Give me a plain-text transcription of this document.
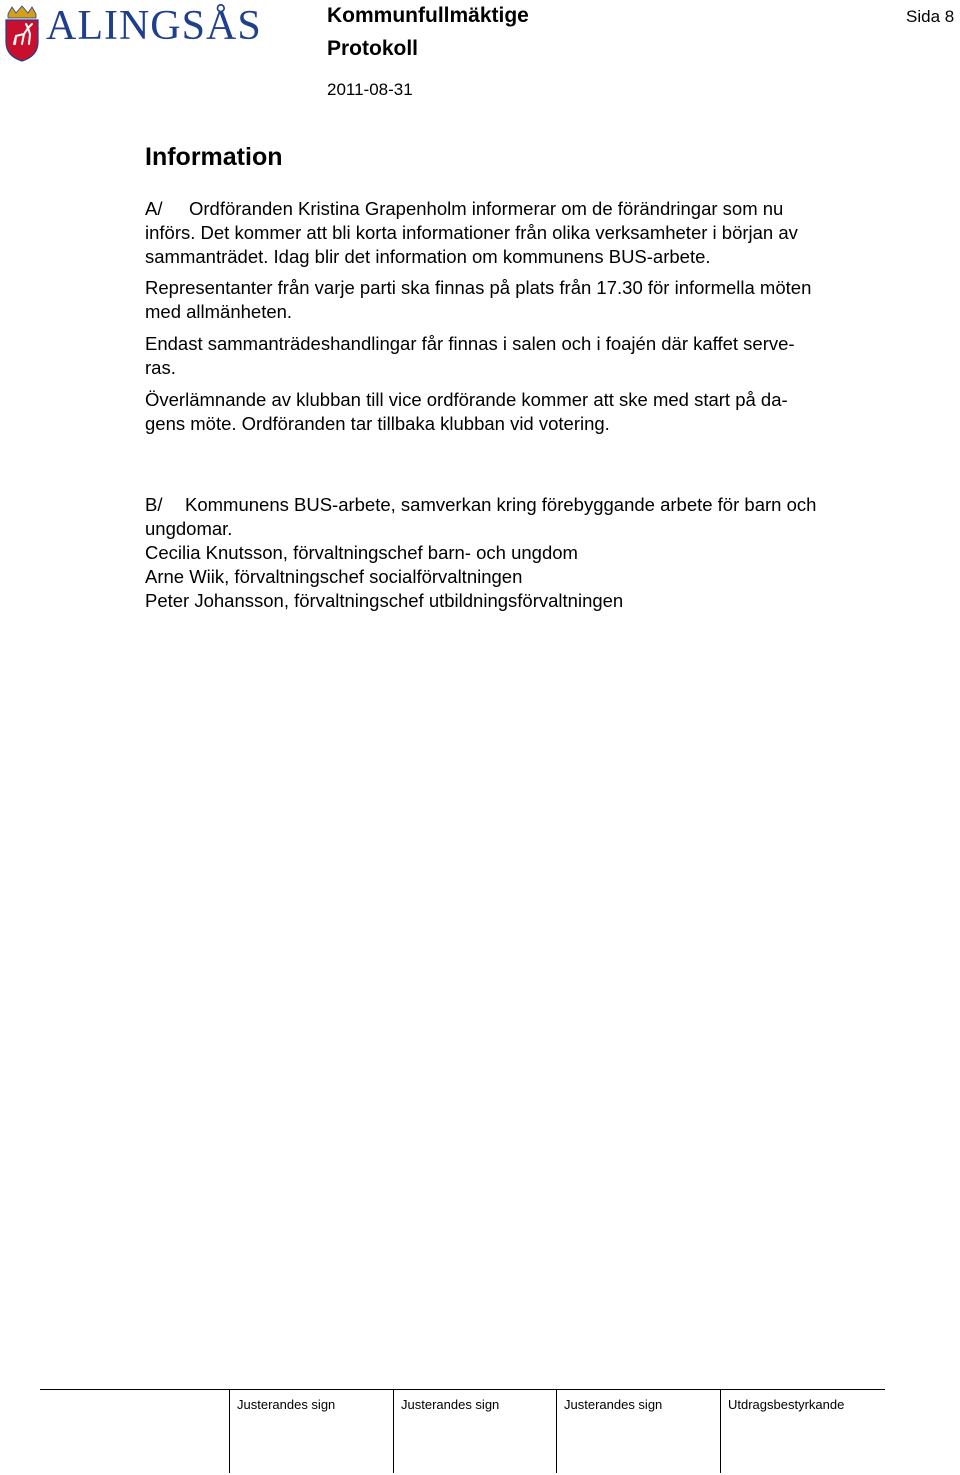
ALINGSÅS	Kommunfullmäktige
Protokoll
2011-08-31
Sida 8
Information
A/ Ordföranden Kristina Grapenholm informerar om de förändringar som nu
införs. Det kommer att bli korta informationer från olika verksamheter i början av
sammanträdet. Idag blir det information om kommunens BUS-arbete.
Representanter från varje parti ska finnas på plats från 17.30 för informella möten
med allmänheten.
Endast sammanträdeshandlingar får finnas i salen och i foajén där kaffet serve-
ras.
Överlämnande av klubban till vice ordförande kommer att ske med start på da-
gens möte. Ordföranden tar tillbaka klubban vid votering.
B/ Kommunens BUS-arbete, samverkan kring förebyggande arbete för barn och
ungdomar.
Cecilia Knutsson, förvaltningschef barn- och ungdom
Arne Wiik, förvaltningschef socialförvaltningen
Peter Johansson, förvaltningschef utbildningsförvaltningen
Justerandes sign	Justerandes sign	Justerandes sign	Utdragsbestyrkande
